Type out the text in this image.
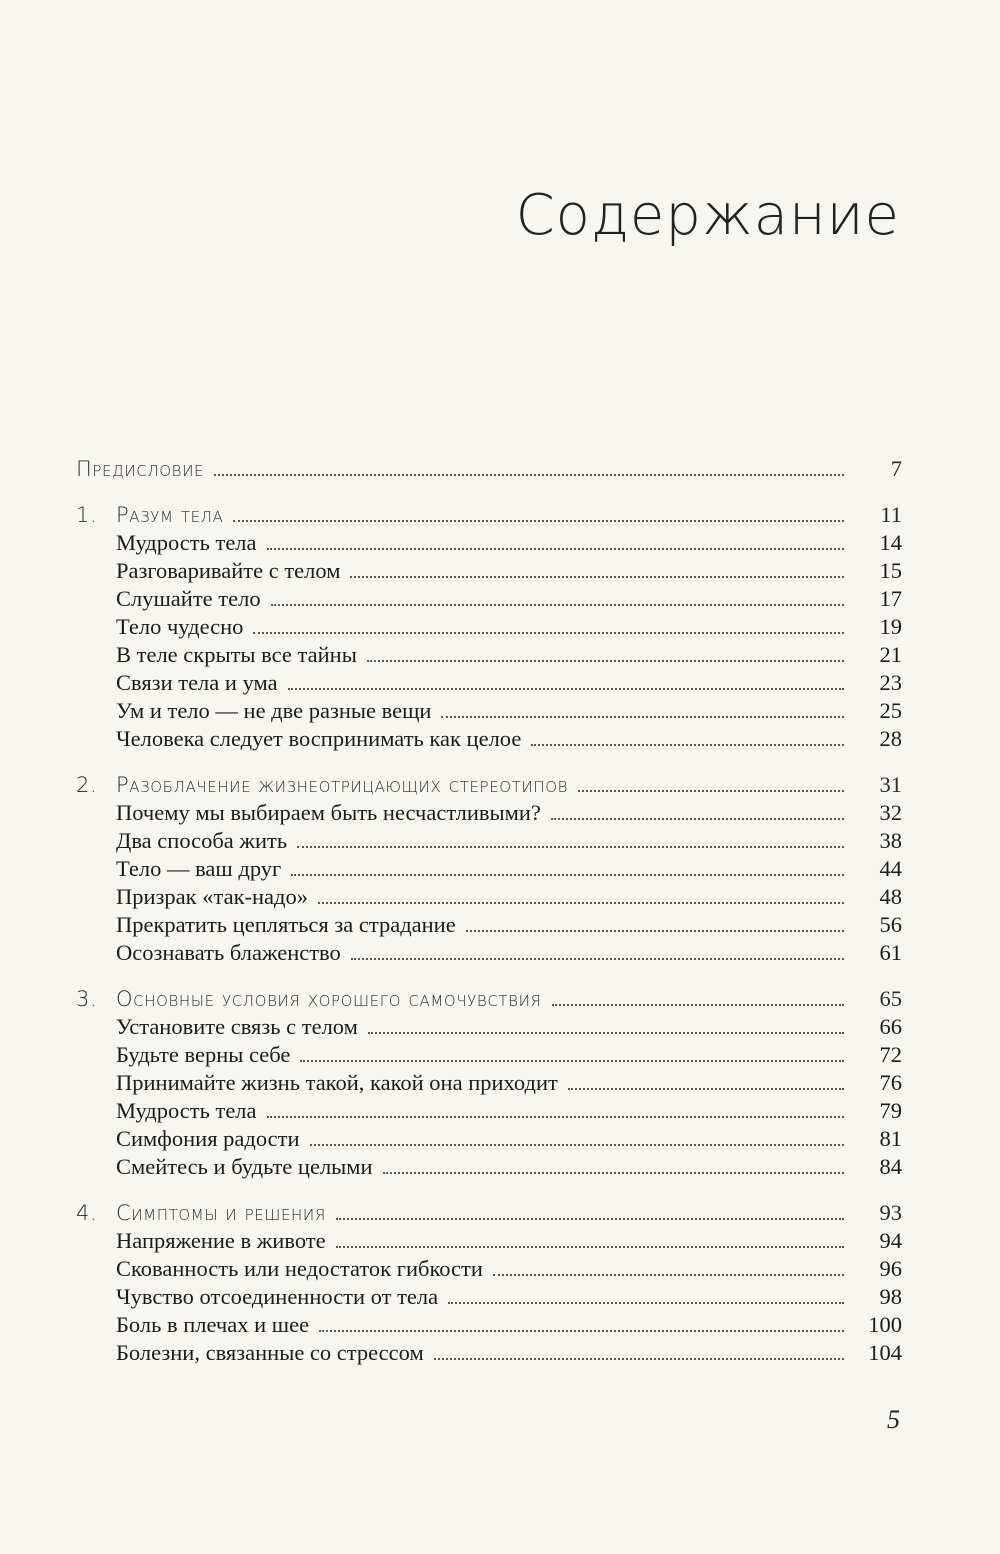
Содержание
Предисловие	7
1. Разум тела	11
Мудрость тела	14
Разговаривайте с телом	15
Слушайте тело	17
Тело чудесно	19
В теле скрыты все тайны	21
Связи тела и ума	23
Ум и тело — не две разные вещи	25
Человека следует воспринимать как целое	28
2. Разоблачение жизнеотрицающих стереотипов	31
Почему мы выбираем быть несчастливыми?	32
Два способа жить	38
Тело — ваш друг	44
Призрак «так-надо»	48
Прекратить цепляться за страдание	56
Осознавать блаженство	61
3. Основные условия хорошего самочувствия	65
Установите связь с телом	66
Будьте верны себе	72
Принимайте жизнь такой, какой она приходит	76
Мудрость тела	79
Симфония радости	81
Смейтесь и будьте целыми	84
4. Симптомы и решения	93
Напряжение в животе	94
Скованность или недостаток гибкости	96
Чувство отсоединенности от тела	98
Боль в плечах и шее	100
Болезни, связанные со стрессом	104
5
